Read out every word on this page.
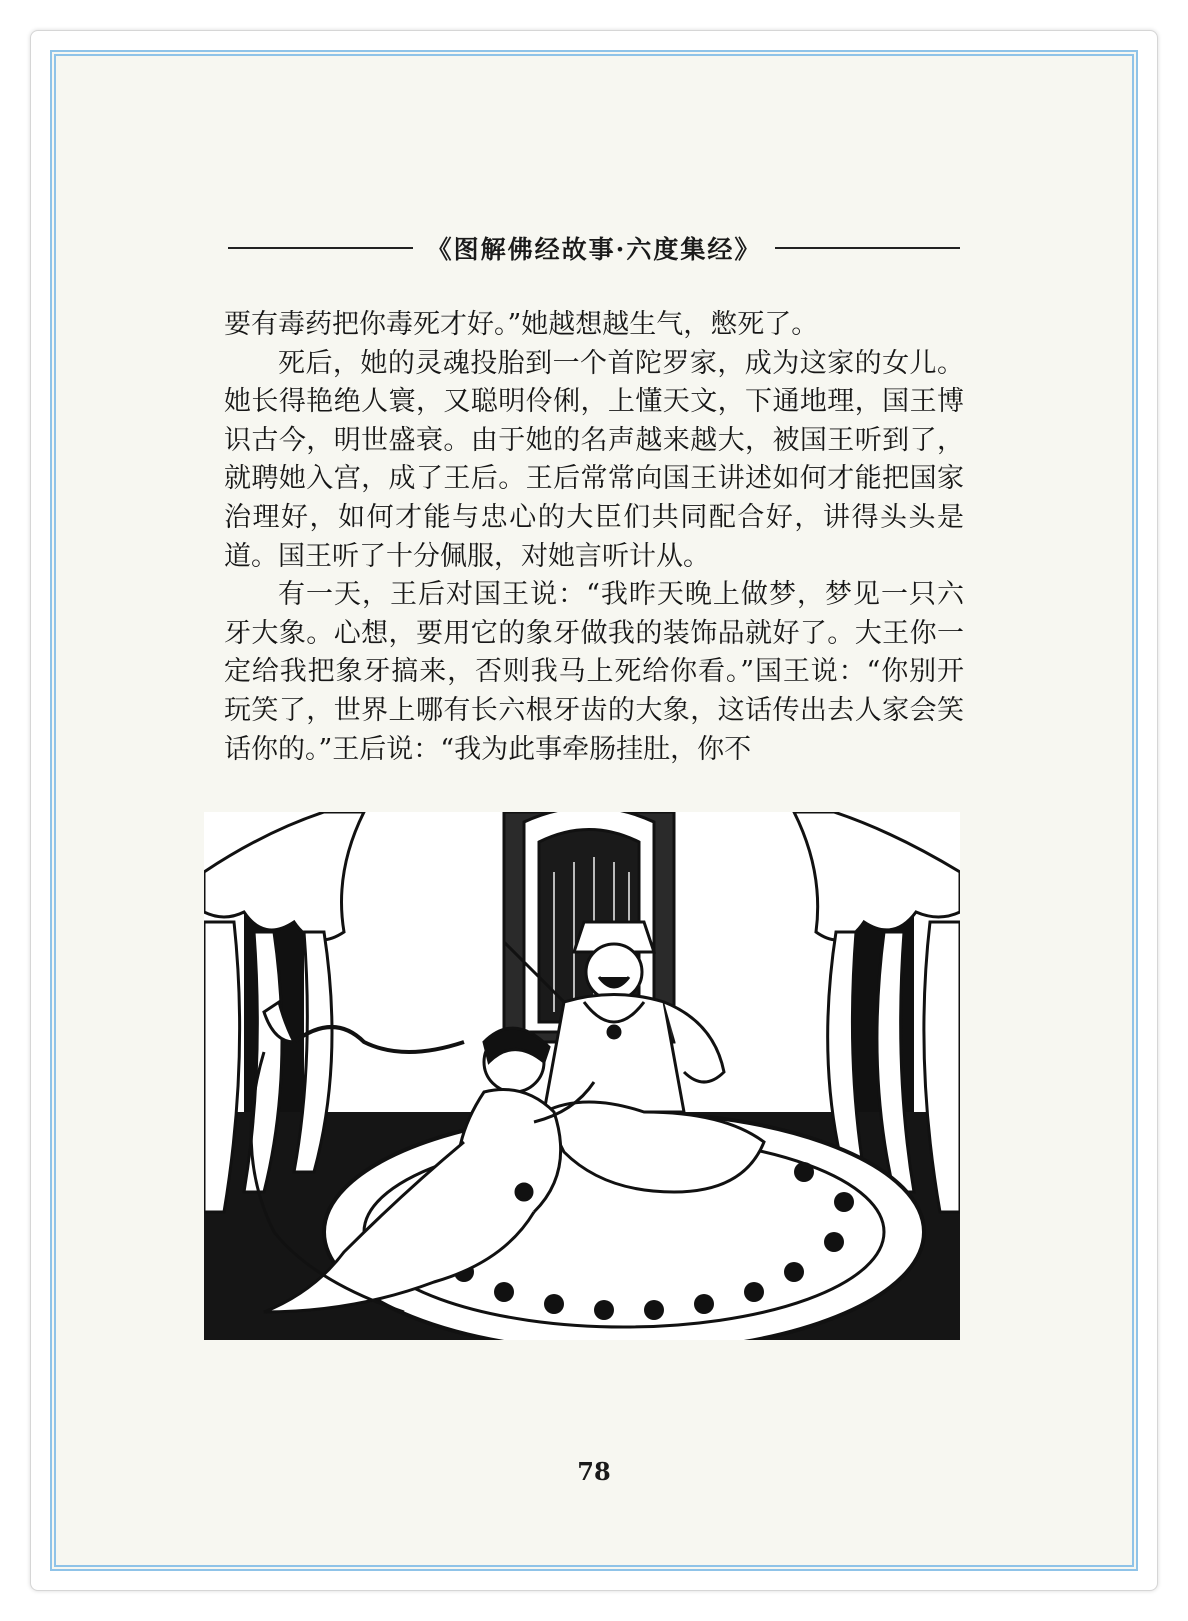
《图解佛经故事·六度集经》

要有毒药把你毒死才好。”她越想越生气，憋死了。

死后，她的灵魂投胎到一个首陀罗家，成为这家的女儿。她长得艳绝人寰，又聪明伶俐，上懂天文，下通地理，国王博识古今，明世盛衰。由于她的名声越来越大，被国王听到了，就聘她入宫，成了王后。王后常常向国王讲述如何才能把国家治理好，如何才能与忠心的大臣们共同配合好，讲得头头是道。国王听了十分佩服，对她言听计从。

有一天，王后对国王说：“我昨天晚上做梦，梦见一只六牙大象。心想，要用它的象牙做我的装饰品就好了。大王你一定给我把象牙搞来，否则我马上死给你看。”国王说：“你别开玩笑了，世界上哪有长六根牙齿的大象，这话传出去人家会笑话你的。”王后说：“我为此事牵肠挂肚，你不

78
